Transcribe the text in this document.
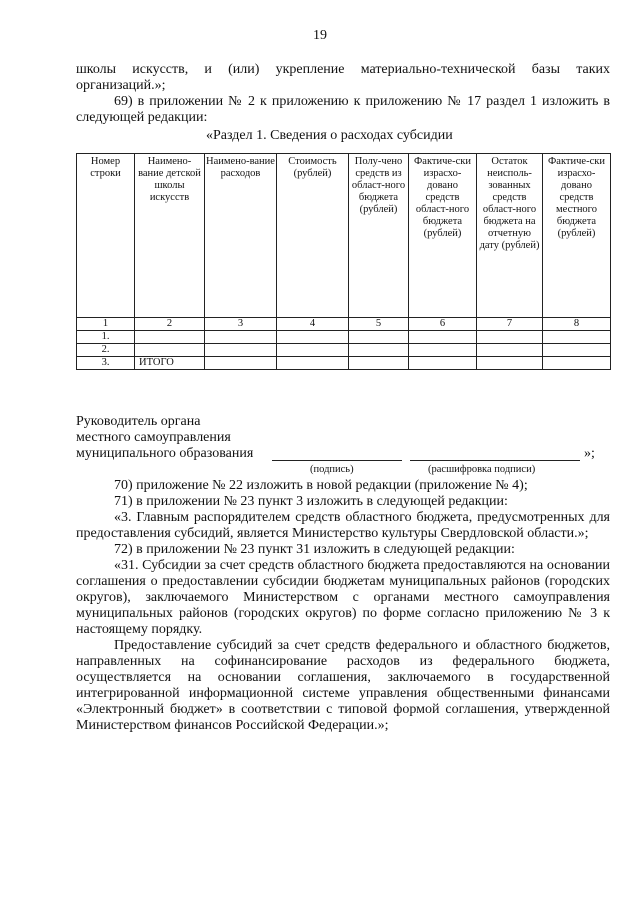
19

школы искусств, и (или) укрепление материально-технической базы таких организаций.»;

69) в приложении № 2 к приложению к приложению № 17 раздел 1 изложить в следующей редакции:

«Раздел 1. Сведения о расходах субсидии

Номер строки	Наимено-вание детской школы искусств	Наимено-вание расходов	Стоимость (рублей)	Полу-чено средств из област-ного бюджета (рублей)	Фактиче-ски израсхо-довано средств област-ного бюджета (рублей)	Остаток неисполь-зованных средств област-ного бюджета на отчетную дату (рублей)	Фактиче-ски израсхо-довано средств местного бюджета (рублей)
1	2	3	4	5	6	7	8
1.							
2.							
3.	ИТОГО						
Руководитель органа
местного самоуправления
муниципального образования	»;
(подпись)	(расшифровка подписи)

70) приложение № 22 изложить в новой редакции (приложение № 4);

71) в приложении № 23 пункт 3 изложить в следующей редакции:

«3. Главным распорядителем средств областного бюджета, предусмотренных для предоставления субсидий, является Министерство культуры Свердловской области.»;

72) в приложении № 23 пункт 31 изложить в следующей редакции:

«31. Субсидии за счет средств областного бюджета предоставляются на основании соглашения о предоставлении субсидии бюджетам муниципальных районов (городских округов), заключаемого Министерством с органами местного самоуправления муниципальных районов (городских округов) по форме согласно приложению № 3 к настоящему порядку.

Предоставление субсидий за счет средств федерального и областного бюджетов, направленных на софинансирование расходов из федерального бюджета, осуществляется на основании соглашения, заключаемого в государственной интегрированной информационной системе управления общественными финансами «Электронный бюджет» в соответствии с типовой формой соглашения, утвержденной Министерством финансов Российской Федерации.»;
